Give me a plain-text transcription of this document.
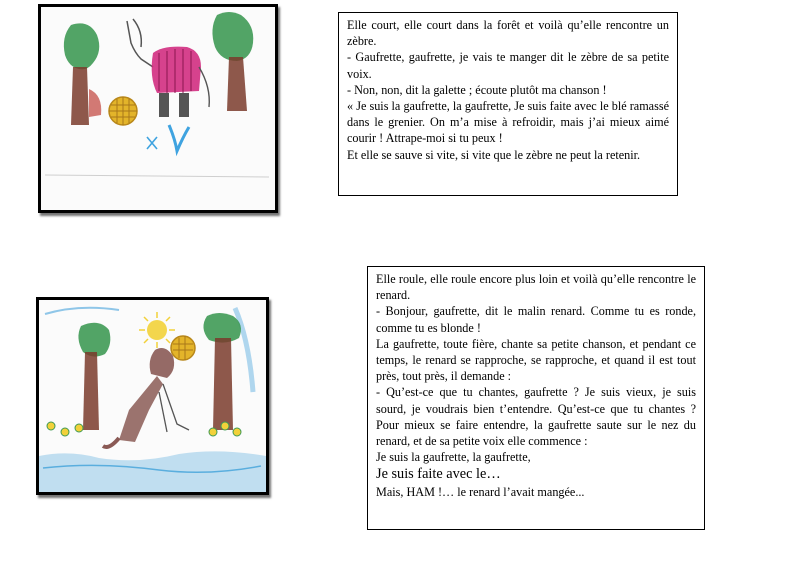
Elle court, elle court dans la forêt et voilà qu’elle rencontre un zèbre.

- Gaufrette, gaufrette, je vais te manger dit le zèbre de sa petite voix.

- Non, non, dit la galette ; écoute plutôt ma chanson !

« Je suis la gaufrette, la gaufrette, Je suis faite avec le blé ramassé dans le grenier. On m’a mise à refroidir, mais j’ai mieux aimé courir ! Attrape-moi si tu peux !

Et elle se sauve si vite, si vite que le zèbre ne peut la retenir.

Elle roule, elle roule encore plus loin et voilà qu’elle rencontre le renard.

- Bonjour, gaufrette, dit le malin renard. Comme tu es ronde, comme tu es blonde !

La gaufrette, toute fière, chante sa petite chanson, et pendant ce temps, le renard se rapproche, se rapproche, et quand il est tout près, tout près, il demande :

- Qu’est-ce que tu chantes, gaufrette ? Je suis vieux, je suis sourd, je voudrais bien t’entendre. Qu’est-ce que tu chantes ? Pour mieux se faire entendre, la gaufrette saute sur le nez du renard, et de sa petite voix elle commence :

Je suis la gaufrette, la gaufrette,

Je suis faite avec le…

Mais, HAM !… le renard l’avait mangée...
